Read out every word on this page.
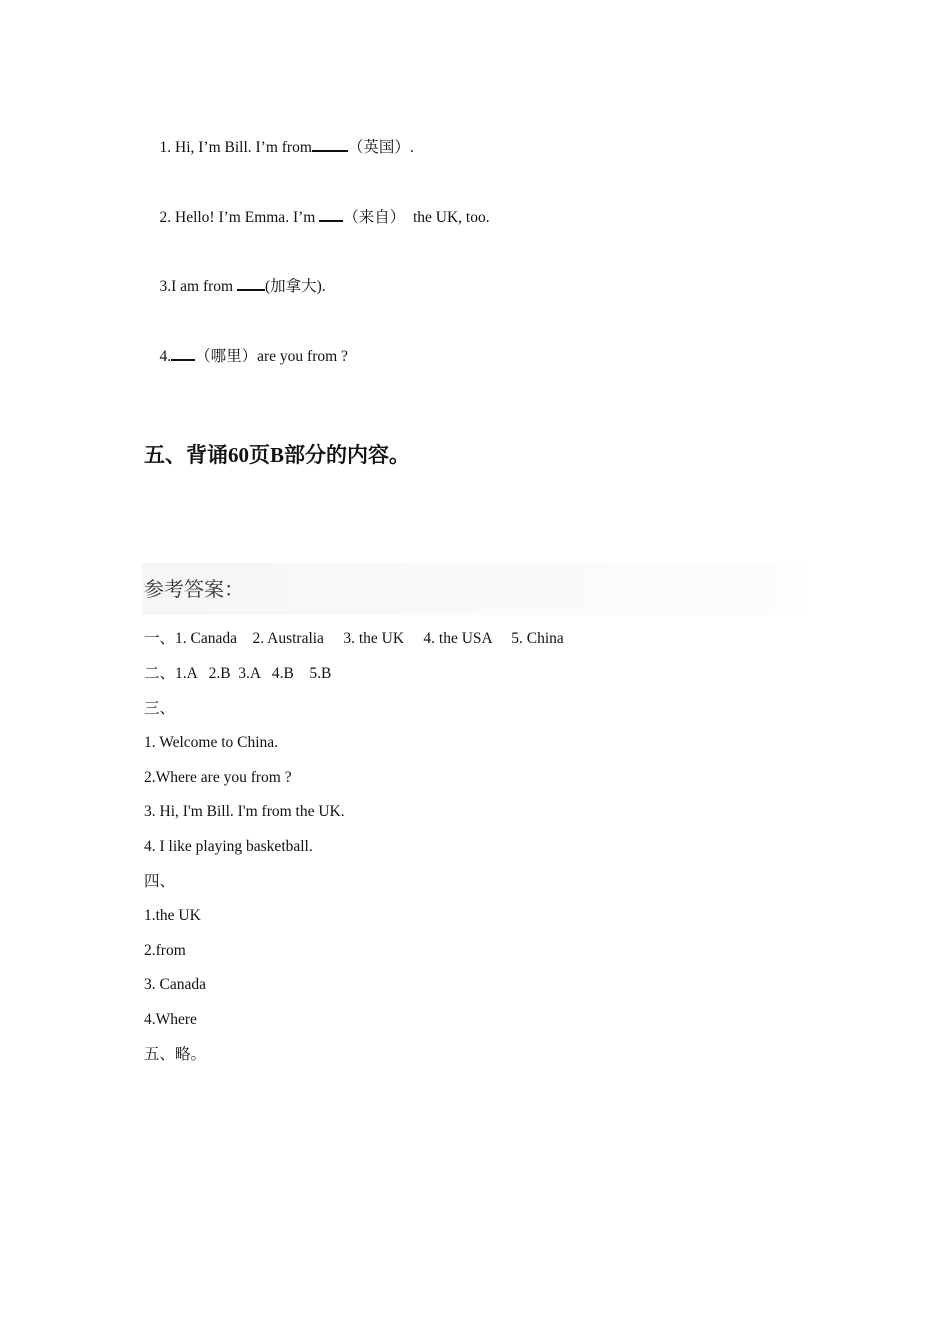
1. Hi, I’m Bill. I’m from （英国）.

2. Hello! I’m Emma. I’m （来自）  the UK, too.

3.I am from (加拿大).

4. （哪里）are you from ?

五、背诵60页B部分的内容。
参考答案：
一、1. Canada    2. Australia     3. the UK     4. the USA     5. China
二、1.A   2.B  3.A   4.B    5.B
三、
1. Welcome to China.
2.Where are you from ?
3. Hi, I'm Bill. I'm from the UK.
4. I like playing basketball.
四、
1.the UK
2.from
3. Canada
4.Where
五、略。
